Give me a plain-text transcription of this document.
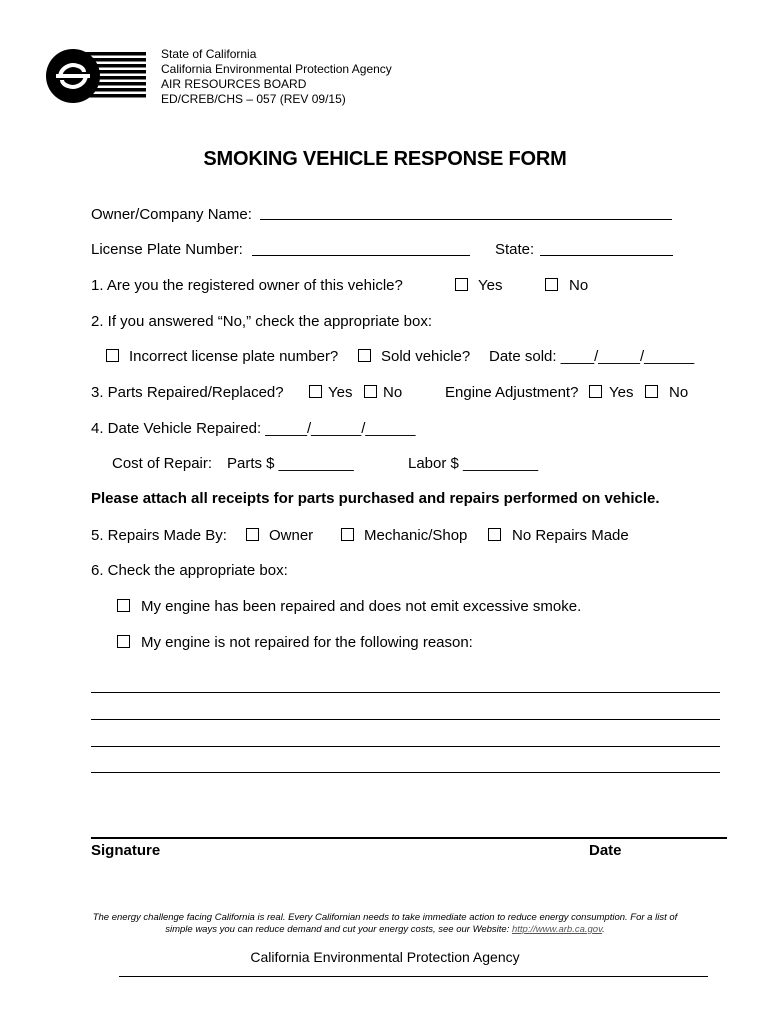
State of California
California Environmental Protection Agency
AIR RESOURCES BOARD
ED/CREB/CHS – 057 (REV 09/15)
SMOKING VEHICLE RESPONSE FORM
Owner/Company Name:
License Plate Number:	State:
1. Are you the registered owner of this vehicle?	Yes	No
2. If you answered “No,” check the appropriate box:
Incorrect license plate number?	Sold vehicle? Date sold: ____/_____/______
3. Parts Repaired/Replaced?	Yes No	Engine Adjustment? Yes No
4. Date Vehicle Repaired: _____/______/______
Cost of Repair: Parts $ _________	Labor $ _________
Please attach all receipts for parts purchased and repairs performed on vehicle.
5. Repairs Made By:	Owner	Mechanic/Shop	No Repairs Made
6. Check the appropriate box:
My engine has been repaired and does not emit excessive smoke.
My engine is not repaired for the following reason:
Signature	Date
The energy challenge facing California is real. Every Californian needs to take immediate action to reduce energy consumption. For a list of
simple ways you can reduce demand and cut your energy costs, see our Website: http://www.arb.ca.gov.
California Environmental Protection Agency
